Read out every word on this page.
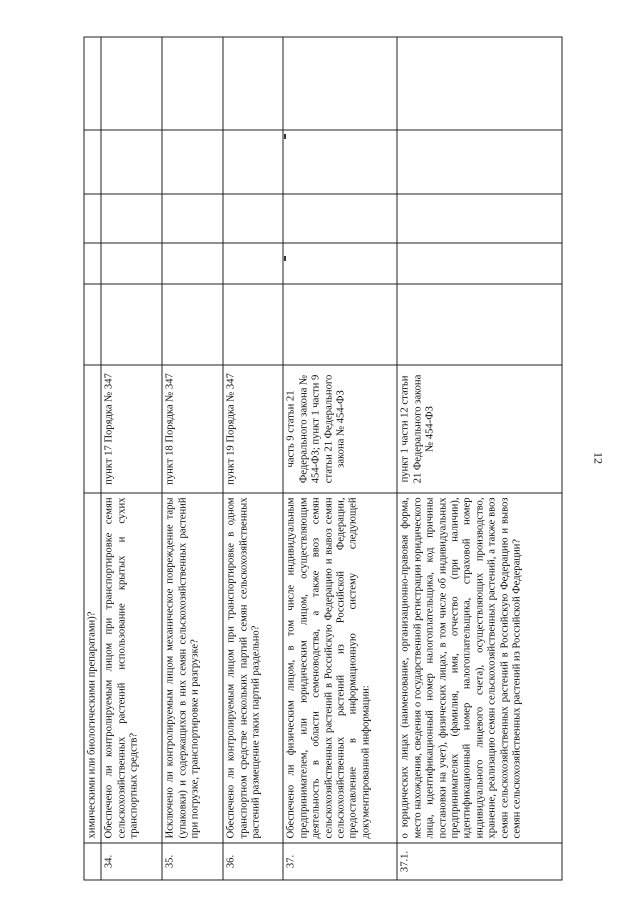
12
	химическими или биологическими препаратами)?						
34.	Обеспечено ли контролируемым лицом при транспортировке семян сельскохозяйственных растений использование крытых и сухих транспортных средств?	пункт 17 Порядка № 347					
35.	Исключено ли контролируемым лицом механическое повреждение тары (упаковки) и содержащихся в них семян сельскохозяйственных растений при погрузке, транспортировке и разгрузке?	пункт 18 Порядка № 347					
36.	Обеспечено ли контролируемым лицом при транспортировке в одном транспортном средстве нескольких партий семян сельскохозяйственных растений размещение таких партий раздельно?	пункт 19 Порядка № 347					
37.	Обеспечено ли физическим лицом, в том числе индивидуальным предпринимателем, или юридическим лицом, осуществляющим деятельность в области семеноводства, а также ввоз семян сельскохозяйственных растений в Российскую Федерацию и вывоз семян сельскохозяйственных растений из Российской Федерации, предоставление в информационную систему следующей документированной информации:	часть 9 статьи 21 Федерального закона № 454-ФЗ; пункт 1 части 9 статьи 21 Федерального закона № 454-ФЗ					
37.1.	о юридических лицах (наименование, организационно-правовая форма, место нахождения, сведения о государственной регистрации юридического лица, идентификационный номер налогоплательщика, код причины постановки на учет), физических лицах, в том числе об индивидуальных предпринимателях (фамилия, имя, отчество (при наличии), идентификационный номер налогоплательщика, страховой номер индивидуального лицевого счета), осуществляющих производство, хранение, реализацию семян сельскохозяйственных растений, а также ввоз семян сельскохозяйственных растений в Российскую Федерацию и вывоз семян сельскохозяйственных растений из Российской Федерации?	пункт 1 части 12 статьи 21 Федерального закона № 454-ФЗ					
